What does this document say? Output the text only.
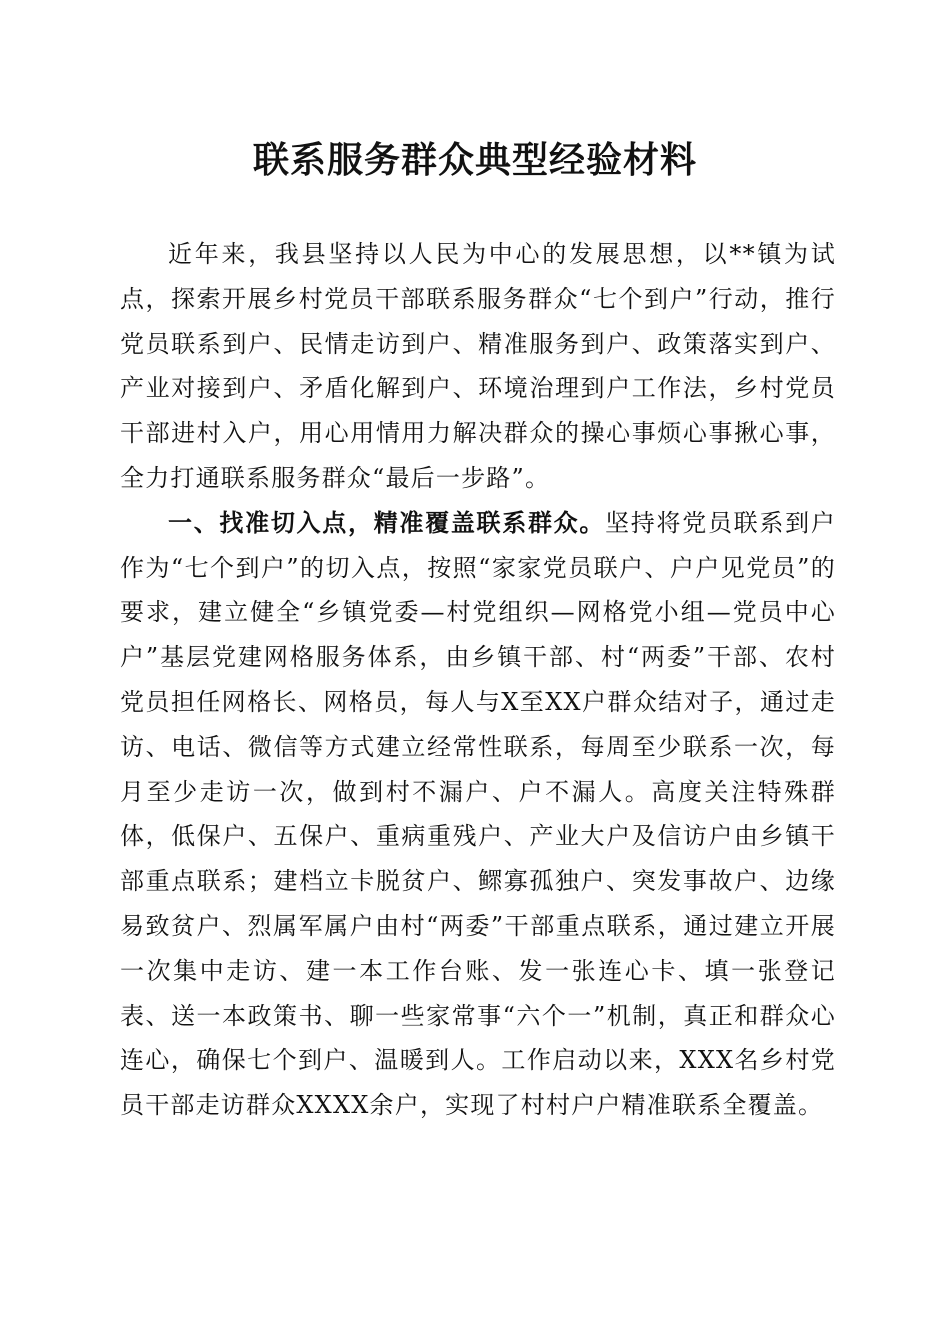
联系服务群众典型经验材料

近年来，我县坚持以人民为中心的发展思想，以**镇为试点，探索开展乡村党员干部联系服务群众“七个到户”行动，推行党员联系到户、民情走访到户、精准服务到户、政策落实到户、产业对接到户、矛盾化解到户、环境治理到户工作法，乡村党员干部进村入户，用心用情用力解决群众的操心事烦心事揪心事，全力打通联系服务群众“最后一步路”。

一、找准切入点，精准覆盖联系群众。坚持将党员联系到户作为“七个到户”的切入点，按照“家家党员联户、户户见党员”的要求，建立健全“乡镇党委—村党组织—网格党小组—党员中心户”基层党建网格服务体系，由乡镇干部、村“两委”干部、农村党员担任网格长、网格员，每人与X至XX户群众结对子，通过走访、电话、微信等方式建立经常性联系，每周至少联系一次，每月至少走访一次，做到村不漏户、户不漏人。高度关注特殊群体，低保户、五保户、重病重残户、产业大户及信访户由乡镇干部重点联系；建档立卡脱贫户、鳏寡孤独户、突发事故户、边缘易致贫户、烈属军属户由村“两委”干部重点联系，通过建立开展一次集中走访、建一本工作台账、发一张连心卡、填一张登记表、送一本政策书、聊一些家常事“六个一”机制，真正和群众心连心，确保七个到户、温暖到人。工作启动以来，XXX名乡村党员干部走访群众XXXX余户，实现了村村户户精准联系全覆盖。
